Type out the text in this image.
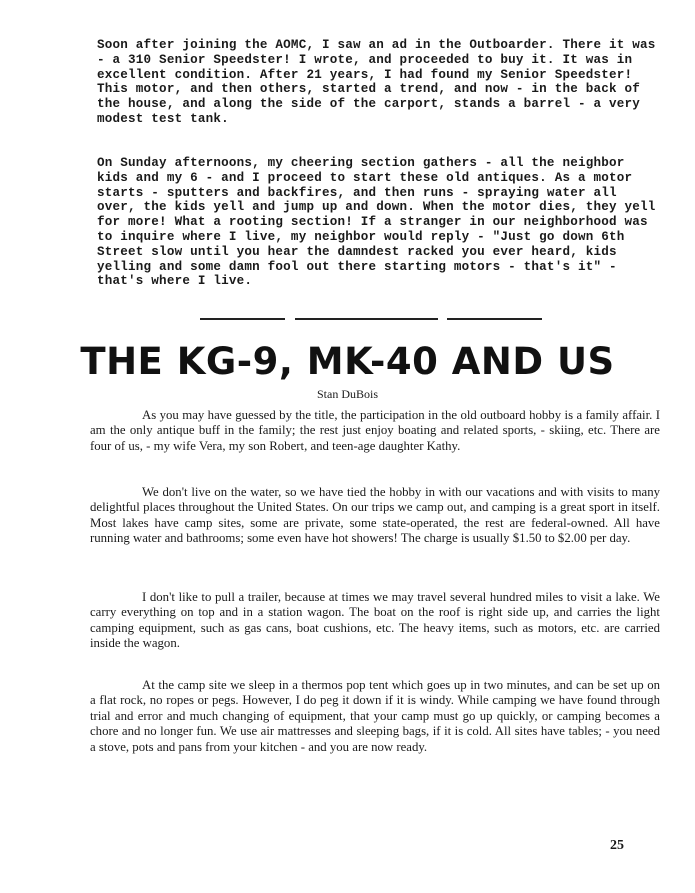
Soon after joining the AOMC, I saw an ad in the Outboarder. There it was - a 310 Senior Speedster! I wrote, and proceeded to buy it. It was in excellent condition. After 21 years, I had found my Senior Speedster! This motor, and then others, started a trend, and now - in the back of the house, and along the side of the carport, stands a barrel - a very modest test tank.

On Sunday afternoons, my cheering section gathers - all the neighbor kids and my 6 - and I proceed to start these old antiques. As a motor starts - sputters and backfires, and then runs - spraying water all over, the kids yell and jump up and down. When the motor dies, they yell for more! What a rooting section! If a stranger in our neighborhood was to inquire where I live, my neighbor would reply - "Just go down 6th Street slow until you hear the damndest racked you ever heard, kids yelling and some damn fool out there starting motors - that's it" - that's where I live.

THE KG-9, MK-40 AND US

Stan DuBois

As you may have guessed by the title, the participation in the old outboard hobby is a family affair. I am the only antique buff in the family; the rest just enjoy boating and related sports, - skiing, etc. There are four of us, - my wife Vera, my son Robert, and teen-age daughter Kathy.

We don't live on the water, so we have tied the hobby in with our vacations and with visits to many delightful places throughout the United States. On our trips we camp out, and camping is a great sport in itself. Most lakes have camp sites, some are private, some state-operated, the rest are federal-owned. All have running water and bathrooms; some even have hot showers! The charge is usually $1.50 to $2.00 per day.

I don't like to pull a trailer, because at times we may travel several hundred miles to visit a lake. We carry everything on top and in a station wagon. The boat on the roof is right side up, and carries the light camping equipment, such as gas cans, boat cushions, etc. The heavy items, such as motors, etc. are carried inside the wagon.

At the camp site we sleep in a thermos pop tent which goes up in two minutes, and can be set up on a flat rock, no ropes or pegs. However, I do peg it down if it is windy. While camping we have found through trial and error and much changing of equipment, that your camp must go up quickly, or camping becomes a chore and no longer fun. We use air mattresses and sleeping bags, if it is cold. All sites have tables; - you need a stove, pots and pans from your kitchen - and you are now ready.

25
